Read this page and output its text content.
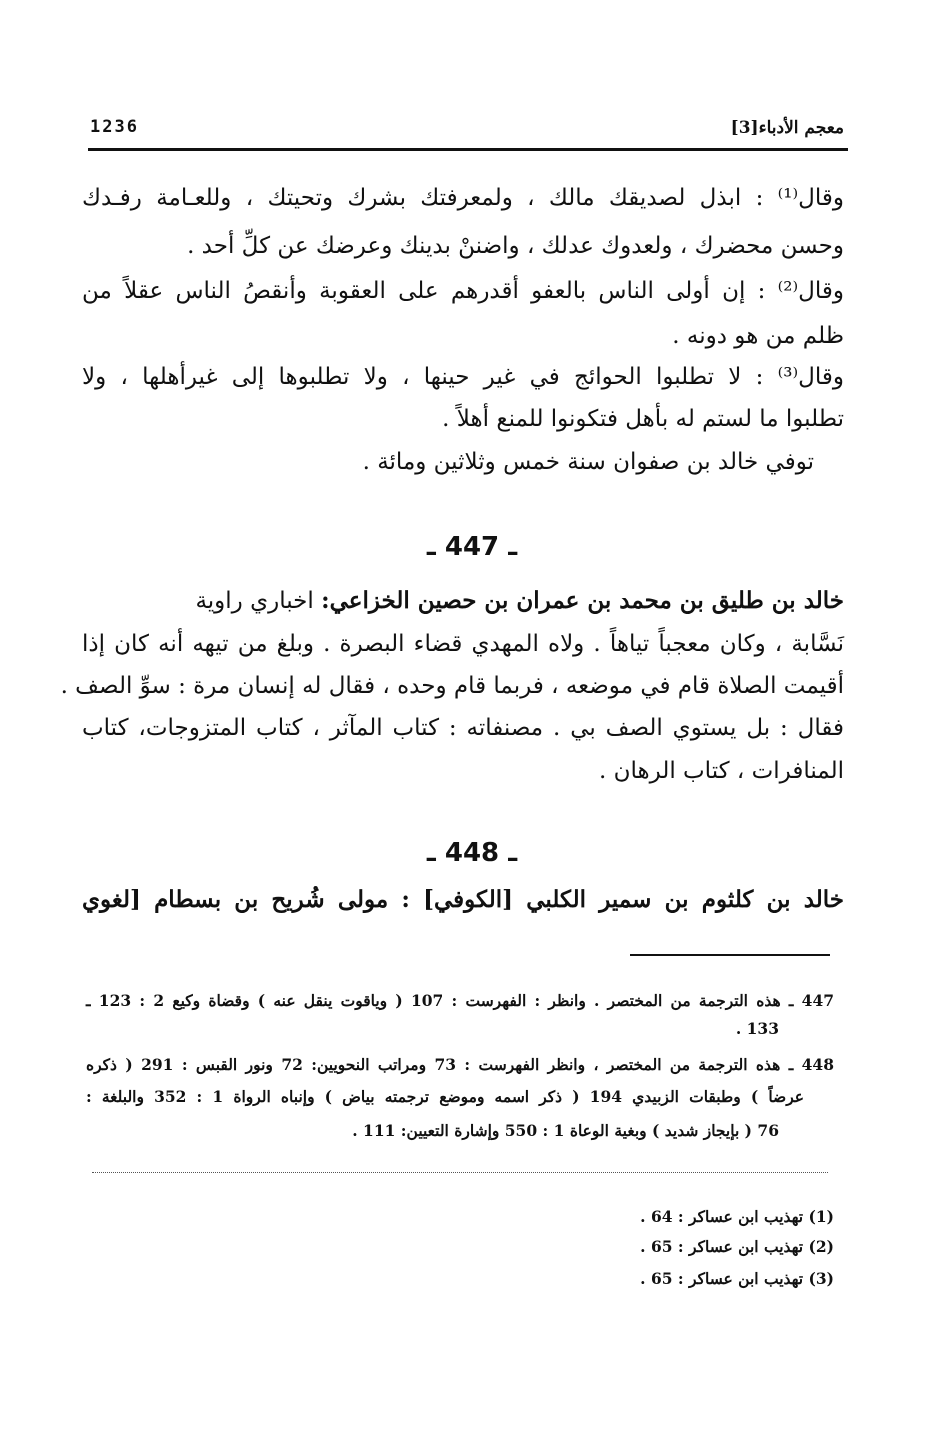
معجم الأدباء[3]
1236
وقال⁽¹⁾ : ابذل لصديقك مالك ، ولمعرفتك بشرك وتحيتك ، وللعـامة رفـدك
وحسن محضرك ، ولعدوك عدلك ، واضننْ بدينك وعرضك عن كلِّ أحد .
وقال⁽²⁾ : إن أولى الناس بالعفو أقدرهم على العقوبة وأنقصُ الناس عقلاً من
ظلم من هو دونه .
وقال⁽³⁾ : لا تطلبوا الحوائج في غير حينها ، ولا تطلبوها إلى غيرأهلها ، ولا
تطلبوا ما لستم له بأهل فتكونوا للمنع أهلاً .
توفي خالد بن صفوان سنة خمس وثلاثين ومائة .
ـ 447 ـ
خالد بن طليق بن محمد بن عمران بن حصين الخزاعي: اخباري راوية
نَسَّابة ، وكان معجباً تياهاً . ولاه المهدي قضاء البصرة . وبلغ من تيهه أنه كان إذا
أقيمت الصلاة قام في موضعه ، فربما قام وحده ، فقال له إنسان مرة : سوِّ الصف .
فقال : بل يستوي الصف بي . مصنفاته : كتاب المآثر ، كتاب المتزوجات، كتاب
المنافرات ، كتاب الرهان .
ـ 448 ـ
خالد بن كلثوم بن سمير الكلبي [الكوفي] : مولى شُريح بن بسطام [لغوي
447 ـ هذه الترجمة من المختصر . وانظر : الفهرست : 107 ( وياقوت ينقل عنه ) وقضاة وكيع 2 : 123 ـ
133 .
448 ـ هذه الترجمة من المختصر ، وانظر الفهرست : 73 ومراتب النحويين: 72 ونور القبس : 291 ( ذكره
عرضاً ) وطبقات الزبيدي 194 ( ذكر اسمه وموضع ترجمته بياض ) وإنباه الرواة 1 : 352 والبلغة :
76 ( بإيجاز شديد ) وبغية الوعاة 1 : 550 وإشارة التعيين: 111 .
(1) تهذيب ابن عساكر : 64 .
(2) تهذيب ابن عساكر : 65 .
(3) تهذيب ابن عساكر : 65 .
